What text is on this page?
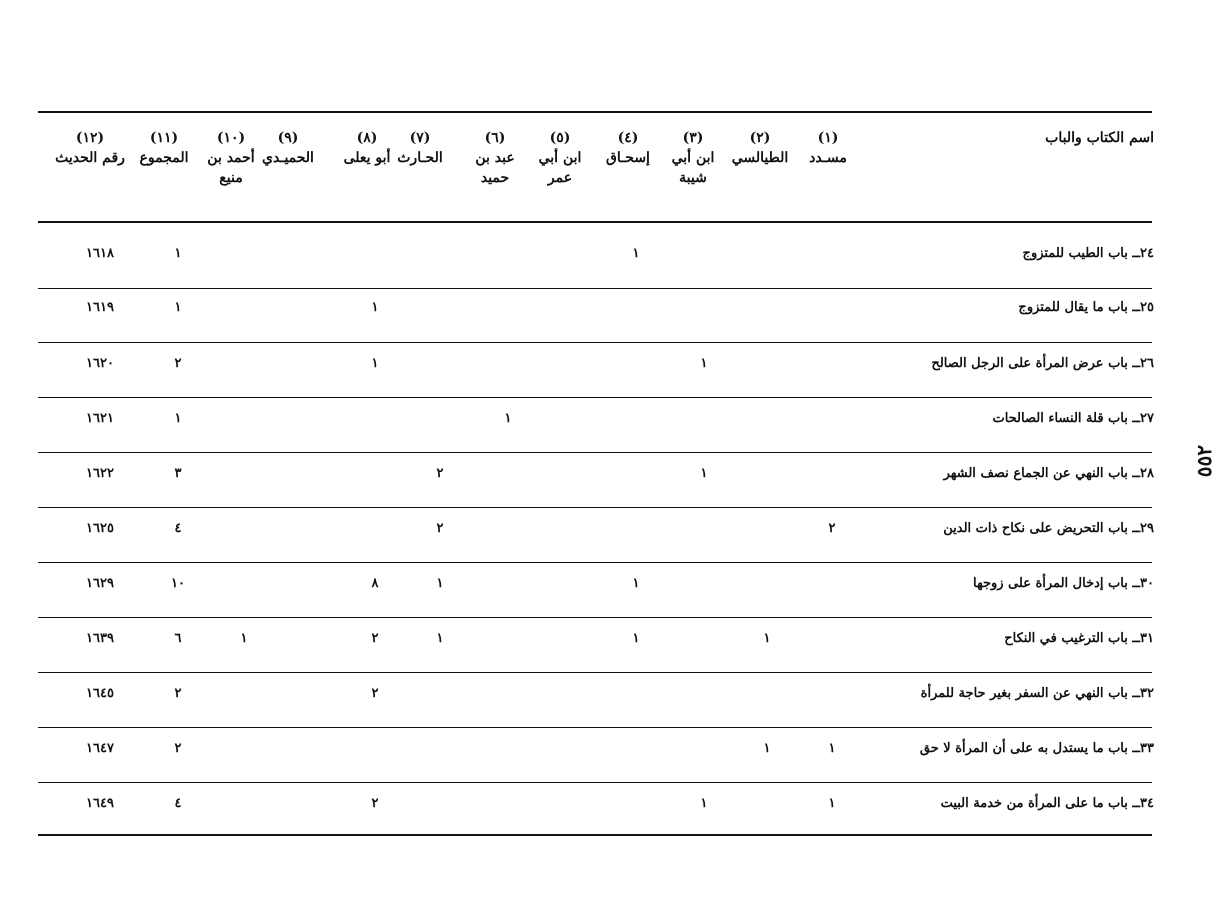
اسم الكتاب والباب
(١)
مسـدد
(٢)
الطيالسي
(٣)
ابن أبي
شيبة
(٤)
إسحـاق
(٥)
ابن أبي
عمر
(٦)
عبد بن
حميد
(٧)
الحـارث
(٨)
أبو يعلى
(٩)
الحميـدي
(١٠)
أحمد بن
منيع
(١١)
المجموع
(١٢)
رقم الحديث
٢٤ــ باب الطيب للمتزوج
١
١
١٦١٨
٢٥ــ باب ما يقال للمتزوج
١
١
١٦١٩
٢٦ــ باب عرض المرأة على الرجل الصالح
١
١
٢
١٦٢٠
٢٧ــ باب قلة النساء الصالحات
١
١
١٦٢١
٢٨ــ باب النهي عن الجماع نصف الشهر
١
٢
٣
١٦٢٢
٢٩ــ باب التحريض على نكاح ذات الدين
٢
٢
٤
١٦٢٥
٣٠ــ باب إدخال المرأة على زوجها
١
١
٨
١٠
١٦٢٩
٣١ــ باب الترغيب في النكاح
١
١
١
٢
١
٦
١٦٣٩
٣٢ــ باب النهي عن السفر بغير حاجة للمرأة
٢
٢
١٦٤٥
٣٣ــ باب ما يستدل به على أن المرأة لا حق
١
١
٢
١٦٤٧
٣٤ــ باب ما على المرأة من خدمة البيت
١
١
٢
٤
١٦٤٩
٥٥٢
